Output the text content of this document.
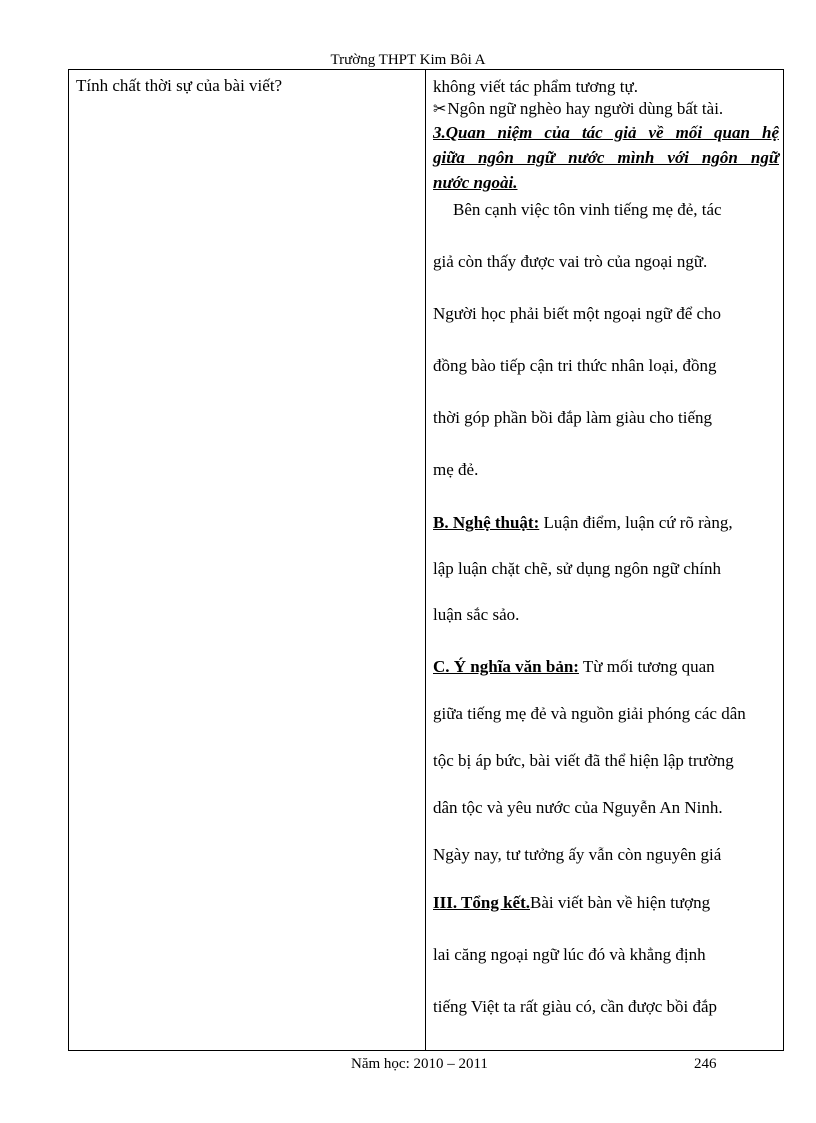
Trường THPT Kim Bôi A
Tính chất thời sự của bài viết?	không viết tác phẩm tương tự.
✂Ngôn ngữ nghèo hay người dùng bất tài.
3.Quan niệm của tác giả về mối quan hệ
giữa ngôn ngữ nước mình với ngôn ngữ
nước ngoài.
Bên cạnh việc tôn vinh tiếng mẹ đẻ, tác
giả còn thấy được vai trò của ngoại ngữ.
Người học phải biết một ngoại ngữ để cho
đồng bào tiếp cận tri thức nhân loại, đồng
thời góp phần bồi đắp làm giàu cho tiếng
mẹ đẻ.
B. Nghệ thuật: Luận điểm, luận cứ rõ ràng,
lập luận chặt chẽ, sử dụng ngôn ngữ chính
luận sắc sảo.
C. Ý nghĩa văn bản: Từ mối tương quan
giữa tiếng mẹ đẻ và nguồn giải phóng các dân
tộc bị áp bức, bài viết đã thể hiện lập trường
dân tộc và yêu nước của Nguyễn An Ninh.
Ngày nay, tư tưởng ấy vẫn còn nguyên giá
III. Tổng kết.Bài viết bàn về hiện tượng
lai căng ngoại ngữ lúc đó và khẳng định
tiếng Việt ta rất giàu có, cần được bồi đắp
Năm học: 2010 – 2011	246
